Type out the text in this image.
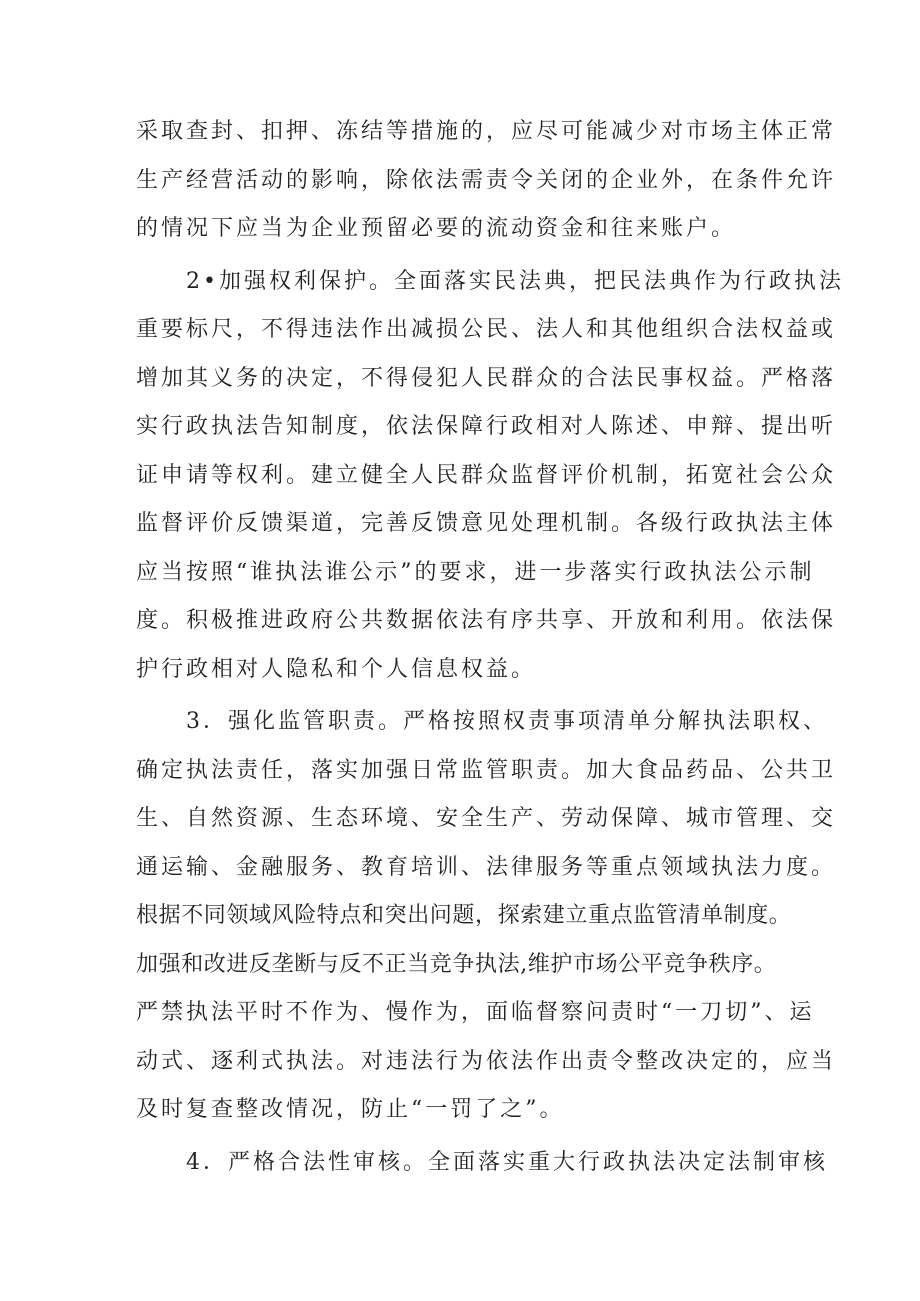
采取查封、扣押、冻结等措施的，应尽可能减少对市场主体正常
生产经营活动的影响，除依法需责令关闭的企业外，在条件允许
的情况下应当为企业预留必要的流动资金和往来账户。
2•加强权利保护。全面落实民法典，把民法典作为行政执法
重要标尺，不得违法作出减损公民、法人和其他组织合法权益或
增加其义务的决定，不得侵犯人民群众的合法民事权益。严格落
实行政执法告知制度，依法保障行政相对人陈述、申辩、提出听
证申请等权利。建立健全人民群众监督评价机制，拓宽社会公众
监督评价反馈渠道，完善反馈意见处理机制。各级行政执法主体
应当按照“谁执法谁公示”的要求，进一步落实行政执法公示制
度。积极推进政府公共数据依法有序共享、开放和利用。依法保
护行政相对人隐私和个人信息权益。
3．强化监管职责。严格按照权责事项清单分解执法职权、
确定执法责任，落实加强日常监管职责。加大食品药品、公共卫
生、自然资源、生态环境、安全生产、劳动保障、城市管理、交
通运输、金融服务、教育培训、法律服务等重点领域执法力度。
根据不同领域风险特点和突出问题，探索建立重点监管清单制度。
加强和改进反垄断与反不正当竞争执法,维护市场公平竞争秩序。
严禁执法平时不作为、慢作为，面临督察问责时“一刀切”、运
动式、逐利式执法。对违法行为依法作出责令整改决定的，应当
及时复查整改情况，防止“一罚了之”。
4．严格合法性审核。全面落实重大行政执法决定法制审核
